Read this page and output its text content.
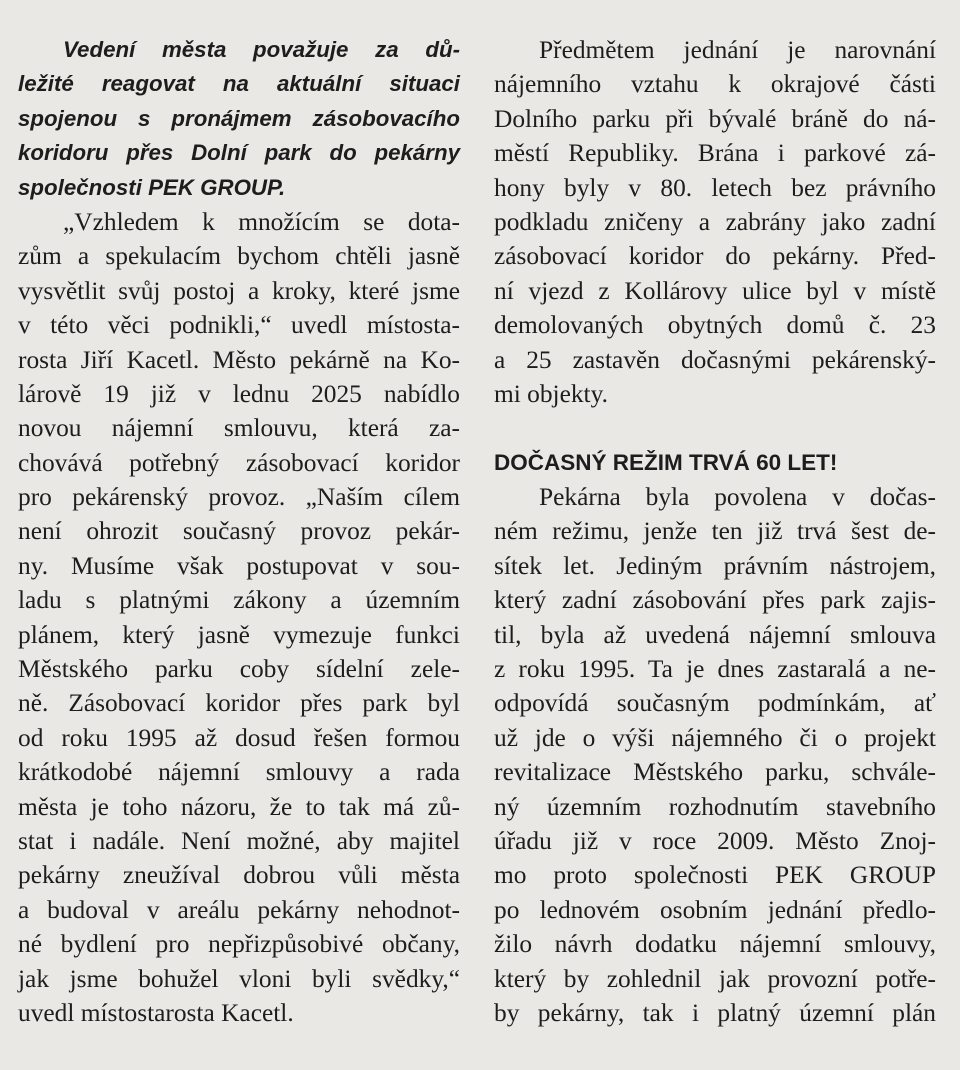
Vedení města považuje za dů-
ležité reagovat na aktuální situaci
spojenou s pronájmem zásobovacího
koridoru přes Dolní park do pekárny
společnosti PEK GROUP.
„Vzhledem k množícím se dota-
zům a spekulacím bychom chtěli jasně
vysvětlit svůj postoj a kroky, které jsme
v této věci podnikli,“ uvedl místosta-
rosta Jiří Kacetl. Město pekárně na Ko-
lárově 19 již v lednu 2025 nabídlo
novou nájemní smlouvu, která za-
chovává potřebný zásobovací koridor
pro pekárenský provoz. „Naším cílem
není ohrozit současný provoz pekár-
ny. Musíme však postupovat v sou-
ladu s platnými zákony a územním
plánem, který jasně vymezuje funkci
Městského parku coby sídelní zele-
ně. Zásobovací koridor přes park byl
od roku 1995 až dosud řešen formou
krátkodobé nájemní smlouvy a rada
města je toho názoru, že to tak má zů-
stat i nadále. Není možné, aby majitel
pekárny zneužíval dobrou vůli města
a budoval v areálu pekárny nehodnot-
né bydlení pro nepřizpůsobivé občany,
jak jsme bohužel vloni byli svědky,“
uvedl místostarosta Kacetl.
Předmětem jednání je narovnání
nájemního vztahu k okrajové části
Dolního parku při bývalé bráně do ná-
městí Republiky. Brána i parkové zá-
hony byly v 80. letech bez právního
podkladu zničeny a zabrány jako zadní
zásobovací koridor do pekárny. Před-
ní vjezd z Kollárovy ulice byl v místě
demolovaných obytných domů č. 23
a 25 zastavěn dočasnými pekárenský-
mi objekty.
DOČASNÝ REŽIM TRVÁ 60 LET!
Pekárna byla povolena v dočas-
ném režimu, jenže ten již trvá šest de-
sítek let. Jediným právním nástrojem,
který zadní zásobování přes park zajis-
til, byla až uvedená nájemní smlouva
z roku 1995. Ta je dnes zastaralá a ne-
odpovídá současným podmínkám, ať
už jde o výši nájemného či o projekt
revitalizace Městského parku, schvále-
ný územním rozhodnutím stavebního
úřadu již v roce 2009. Město Znoj-
mo proto společnosti PEK GROUP
po lednovém osobním jednání předlo-
žilo návrh dodatku nájemní smlouvy,
který by zohlednil jak provozní potře-
by pekárny, tak i platný územní plán
